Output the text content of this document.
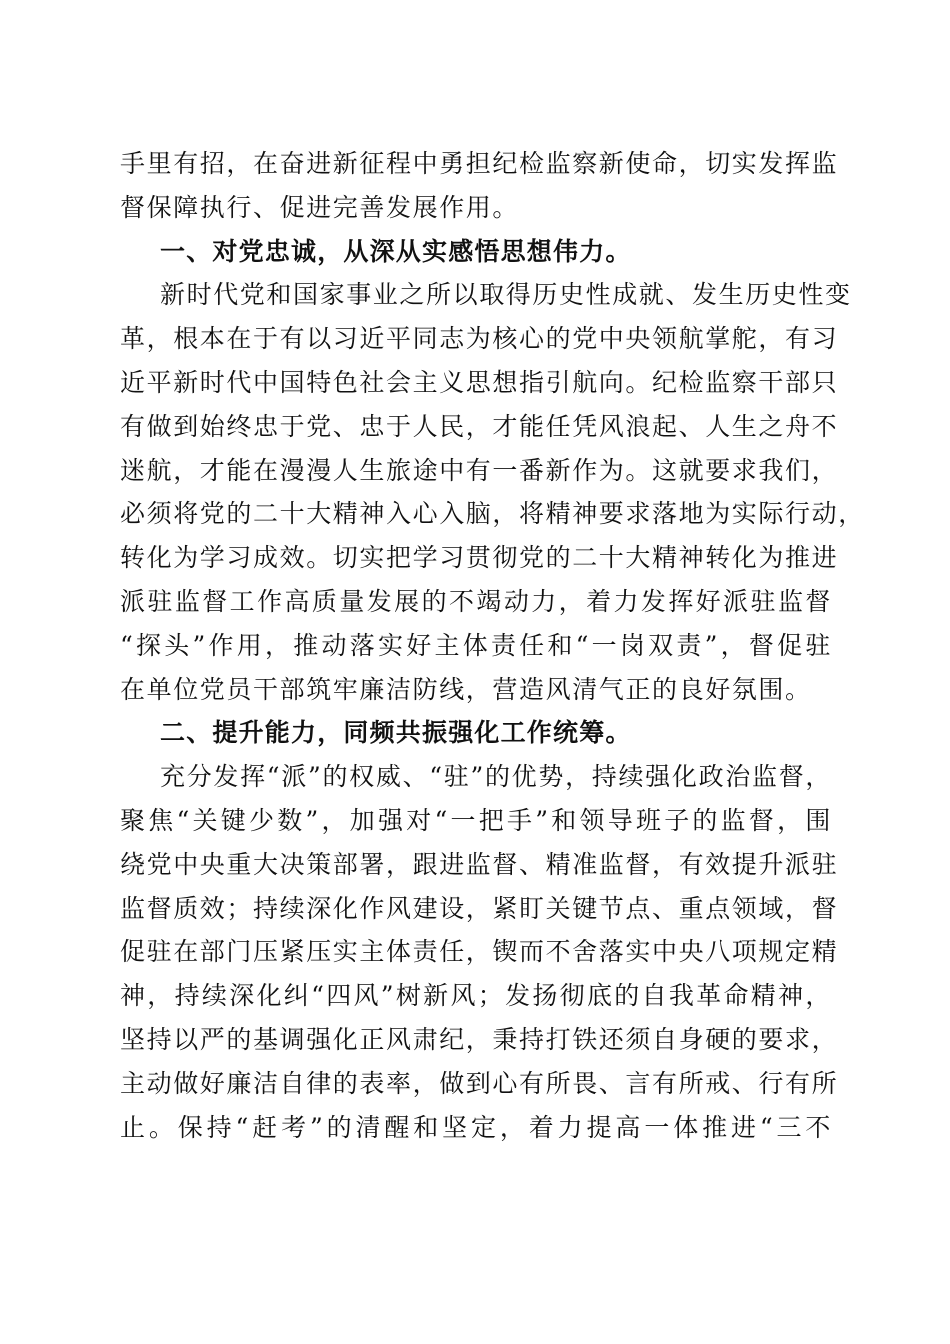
手里有招，在奋进新征程中勇担纪检监察新使命，切实发挥监
督保障执行、促进完善发展作用。
一、对党忠诚，从深从实感悟思想伟力。
新时代党和国家事业之所以取得历史性成就、发生历史性变
革，根本在于有以习近平同志为核心的党中央领航掌舵，有习
近平新时代中国特色社会主义思想指引航向。纪检监察干部只
有做到始终忠于党、忠于人民，才能任凭风浪起、人生之舟不
迷航，才能在漫漫人生旅途中有一番新作为。这就要求我们，
必须将党的二十大精神入心入脑，将精神要求落地为实际行动，
转化为学习成效。切实把学习贯彻党的二十大精神转化为推进
派驻监督工作高质量发展的不竭动力，着力发挥好派驻监督
“探头”作用，推动落实好主体责任和“一岗双责”，督促驻
在单位党员干部筑牢廉洁防线，营造风清气正的良好氛围。
二、提升能力，同频共振强化工作统筹。
充分发挥“派”的权威、“驻”的优势，持续强化政治监督，
聚焦“关键少数”，加强对“一把手”和领导班子的监督，围
绕党中央重大决策部署，跟进监督、精准监督，有效提升派驻
监督质效；持续深化作风建设，紧盯关键节点、重点领域，督
促驻在部门压紧压实主体责任，锲而不舍落实中央八项规定精
神，持续深化纠“四风”树新风；发扬彻底的自我革命精神，
坚持以严的基调强化正风肃纪，秉持打铁还须自身硬的要求，
主动做好廉洁自律的表率，做到心有所畏、言有所戒、行有所
止。保持“赶考”的清醒和坚定，着力提高一体推进“三不
